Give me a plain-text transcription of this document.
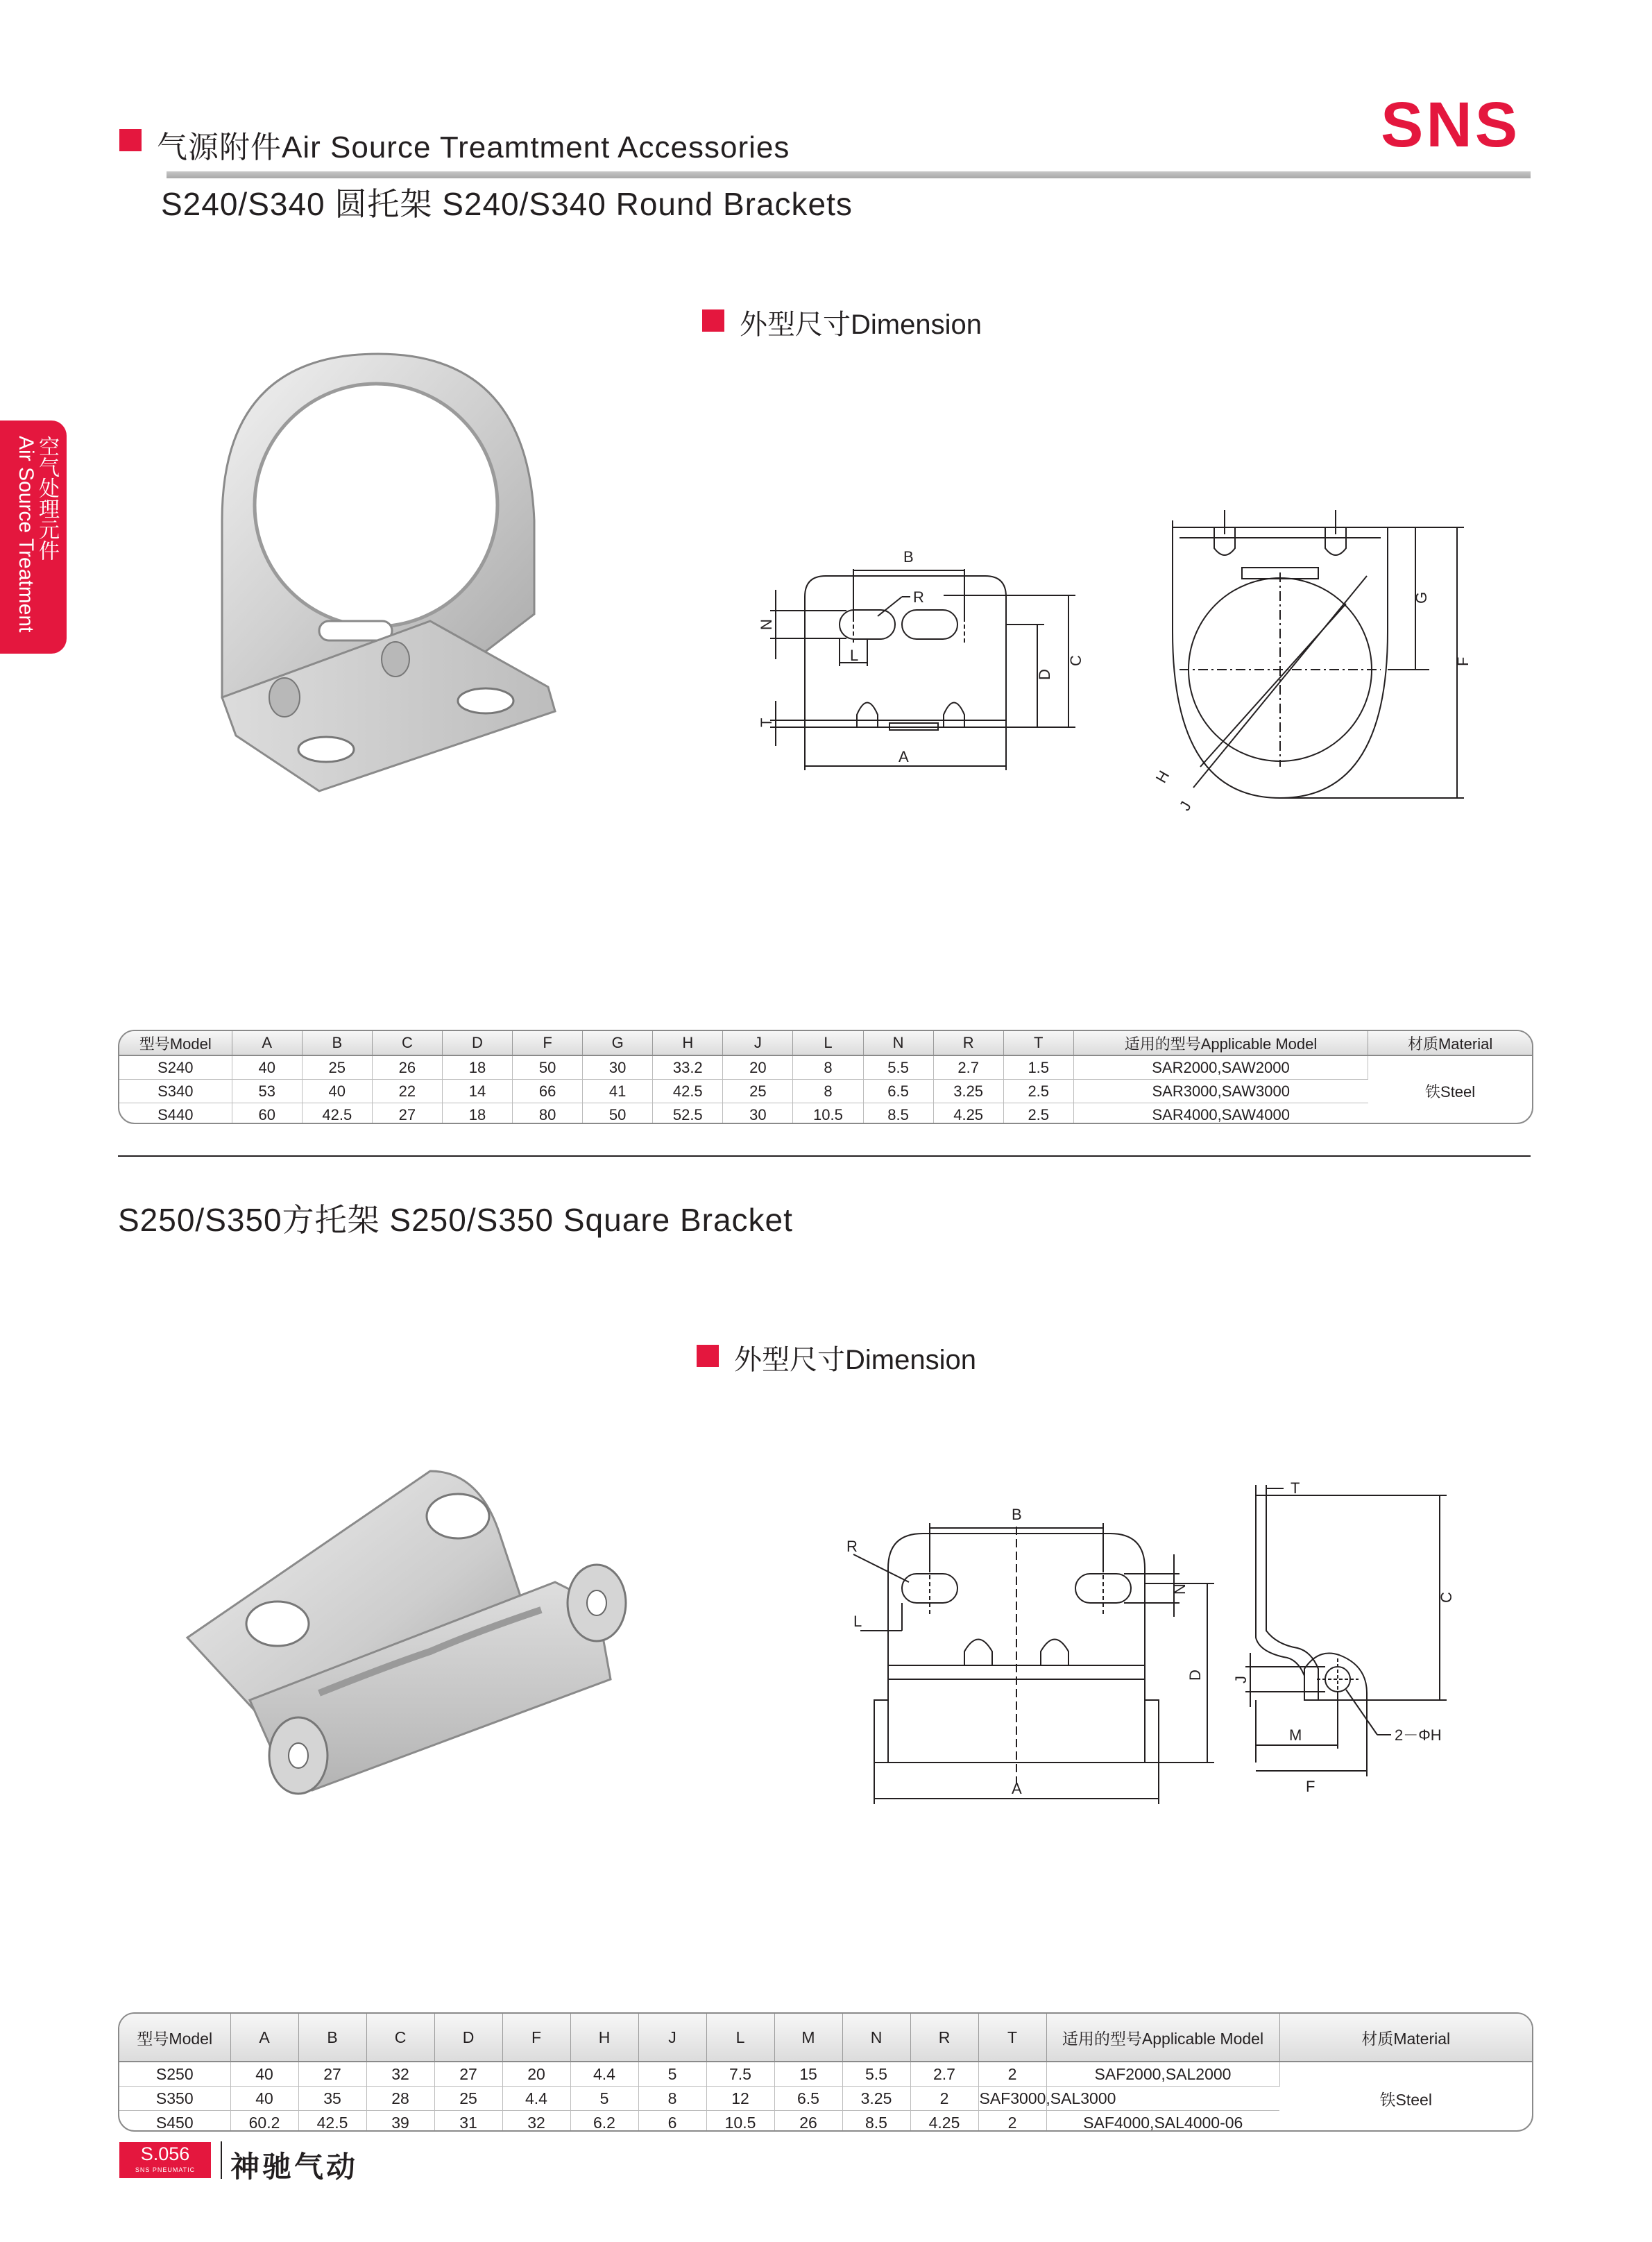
气源附件Air Source Treamtment Accessories	SNS
S240/S340 圆托架 S240/S340 Round Brackets
空气处理元件
Air Source Treatment
外型尺寸Dimension
B
A
R
L	C
D
N
T
G
F
H
J
型号Model	A	B	C	D	F	G	H	J	L	N	R	T	适用的型号Applicable Model	材质Material
S240	40	25	26	18	50	30	33.2	20	8	5.5	2.7	1.5	SAR2000,SAW2000	铁Steel
S340	53	40	22	14	66	41	42.5	25	8	6.5	3.25	2.5	SAR3000,SAW3000	
S440	60	42.5	27	18	80	50	52.5	30	10.5	8.5	4.25	2.5	SAR4000,SAW4000	
S250/S350方托架 S250/S350 Square Bracket
外型尺寸Dimension
B
A
R
L
N
D
T
C
J
M
F
2－ΦH
型号Model	A	B	C	D	F	H	J	L	M	N	R	T	适用的型号Applicable Model	材质Material
S250	40	27	32	27	20	4.4	5	7.5	15	5.5	2.7	2	SAF2000,SAL2000	铁Steel
S350	40	35	28	25	4.4	5	8	12	6.5	3.25	2	SAF3000,SAL3000		
S450	60.2	42.5	39	31	32	6.2	6	10.5	26	8.5	4.25	2	SAF4000,SAL4000-06	
S.056
SNS PNEUMATIC	神驰气动
